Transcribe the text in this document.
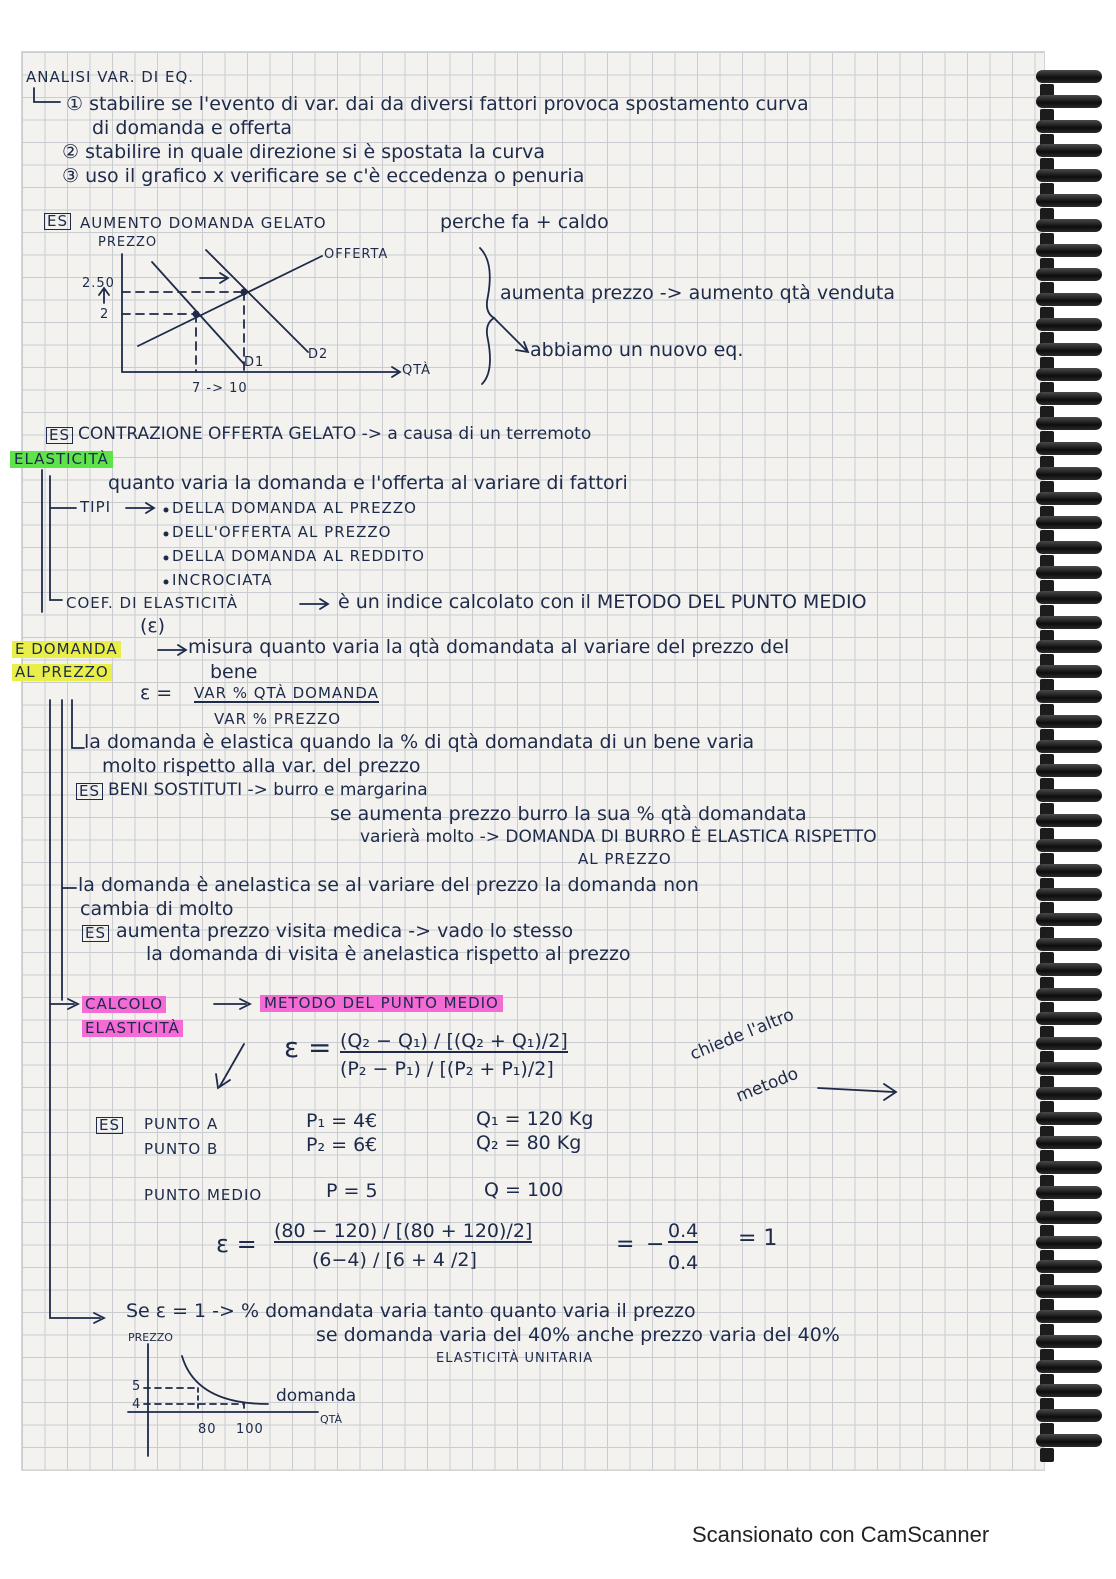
ANALISI VAR. DI EQ.
① stabilire se l'evento di var. dai da diversi fattori provoca spostamento curva
di domanda e offerta
② stabilire in quale direzione si è spostata la curva
③ uso il grafico x verificare se c'è eccedenza o penuria
ES AUMENTO DOMANDA GELATO	perche fa + caldo
aumenta prezzo -> aumento qtà venduta
abbiamo un nuovo eq.
PREZZO
OFFERTA
2.50
2
D1
D2
QTÀ
7 -> 10
ES CONTRAZIONE OFFERTA GELATO -> a causa di un terremoto
ELASTICITÀ
quanto varia la domanda e l'offerta al variare di fattori
TIPI	DELLA DOMANDA AL PREZZO
DELL'OFFERTA AL PREZZO
DELLA DOMANDA AL REDDITO
INCROCIATA
COEF. DI ELASTICITÀ	è un indice calcolato con il METODO DEL PUNTO MEDIO
(ε)
E DOMANDA
AL PREZZO
misura quanto varia la qtà domandata al variare del prezzo del
bene
ε = VAR % QTÀ DOMANDA
VAR % PREZZO
la domanda è elastica quando la % di qtà domandata di un bene varia
molto rispetto alla var. del prezzo
ES BENI SOSTITUTI -> burro e margarina
se aumenta prezzo burro la sua % qtà domandata
varierà molto -> DOMANDA DI BURRO È ELASTICA RISPETTO
AL PREZZO
la domanda è anelastica se al variare del prezzo la domanda non
cambia di molto
ES aumenta prezzo visita medica -> vado lo stesso
la domanda di visita è anelastica rispetto al prezzo
CALCOLO
ELASTICITÀ
METODO DEL PUNTO MEDIO
ε = (Q₂ − Q₁) / [(Q₂ + Q₁)/2]
(P₂ − P₁) / [(P₂ + P₁)/2]
chiede l'altro
metodo
ES PUNTO A	P₁ = 4€	Q₁ = 120 Kg
PUNTO B	P₂ = 6€	Q₂ = 80 Kg
PUNTO MEDIO	P = 5	Q = 100
ε = (80 − 120) / [(80 + 120)/2]
(6−4) / [6 + 4 /2]
= −
0.4
0.4
= 1
Se ε = 1 -> % domandata varia tanto quanto varia il prezzo
se domanda varia del 40% anche prezzo varia del 40%
ELASTICITÀ UNITARIA
PREZZO
5
4	domanda
QTÀ
80 100
Scansionato con CamScanner
